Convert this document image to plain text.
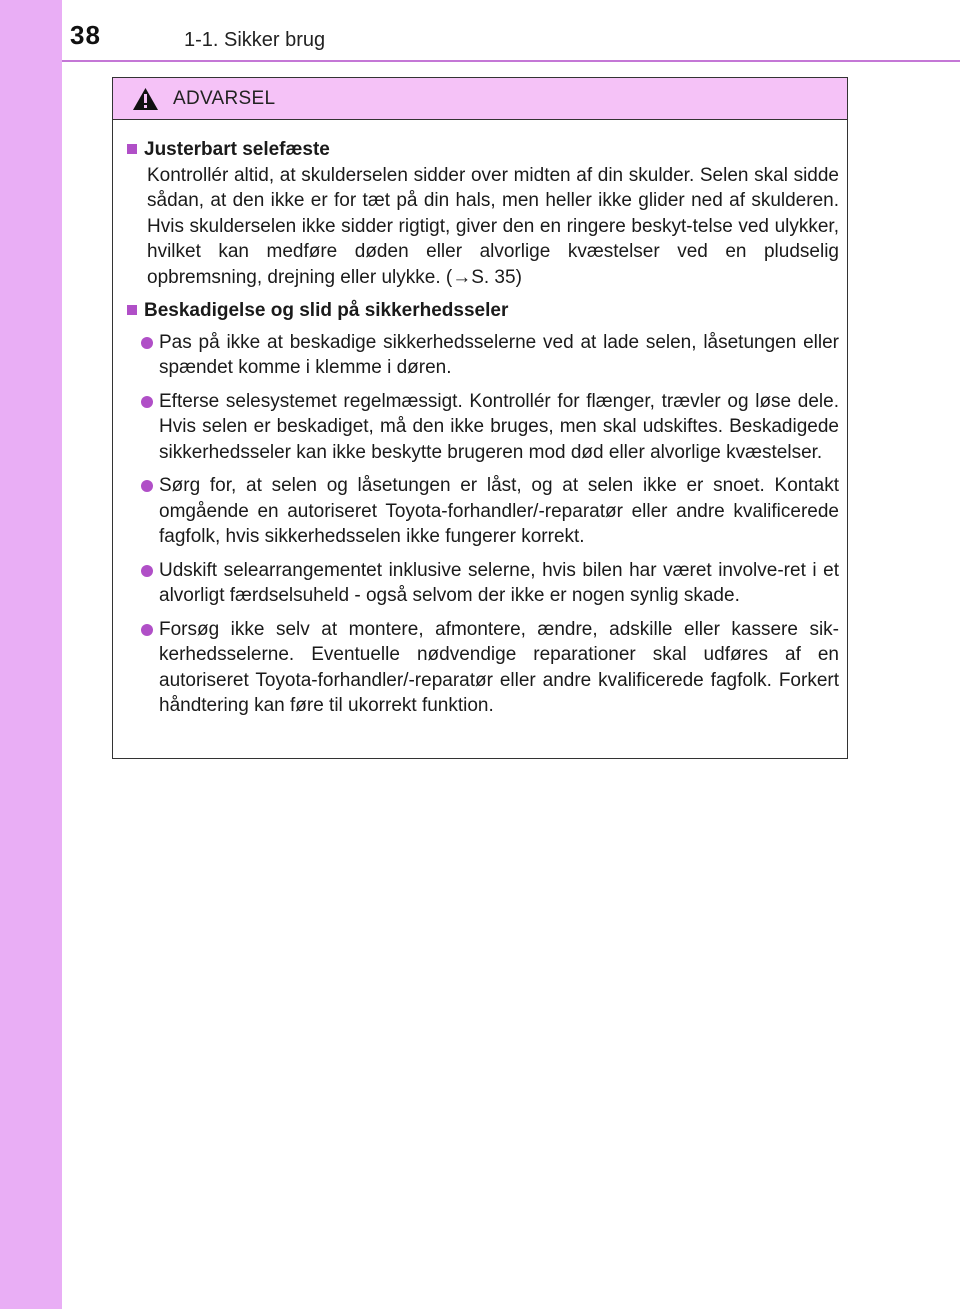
38	1-1. Sikker brug
ADVARSEL
Justerbart selefæste
Kontrollér altid, at skulderselen sidder over midten af din skulder. Selen skal sidde sådan, at den ikke er for tæt på din hals, men heller ikke glider ned af skulderen. Hvis skulderselen ikke sidder rigtigt, giver den en ringere beskyt-telse ved ulykker, hvilket kan medføre døden eller alvorlige kvæstelser ved en pludselig opbremsning, drejning eller ulykke. (→S. 35)
Beskadigelse og slid på sikkerhedsseler
Pas på ikke at beskadige sikkerhedsselerne ved at lade selen, låsetungen eller spændet komme i klemme i døren.
Efterse selesystemet regelmæssigt. Kontrollér for flænger, trævler og løse dele. Hvis selen er beskadiget, må den ikke bruges, men skal udskiftes. Beskadigede sikkerhedsseler kan ikke beskytte brugeren mod død eller alvorlige kvæstelser.
Sørg for, at selen og låsetungen er låst, og at selen ikke er snoet. Kontakt omgående en autoriseret Toyota-forhandler/-reparatør eller andre kvalificerede fagfolk, hvis sikkerhedsselen ikke fungerer korrekt.
Udskift selearrangementet inklusive selerne, hvis bilen har været involve-ret i et alvorligt færdselsuheld - også selvom der ikke er nogen synlig skade.
Forsøg ikke selv at montere, afmontere, ændre, adskille eller kassere sik-kerhedsselerne. Eventuelle nødvendige reparationer skal udføres af en autoriseret Toyota-forhandler/-reparatør eller andre kvalificerede fagfolk. Forkert håndtering kan føre til ukorrekt funktion.
